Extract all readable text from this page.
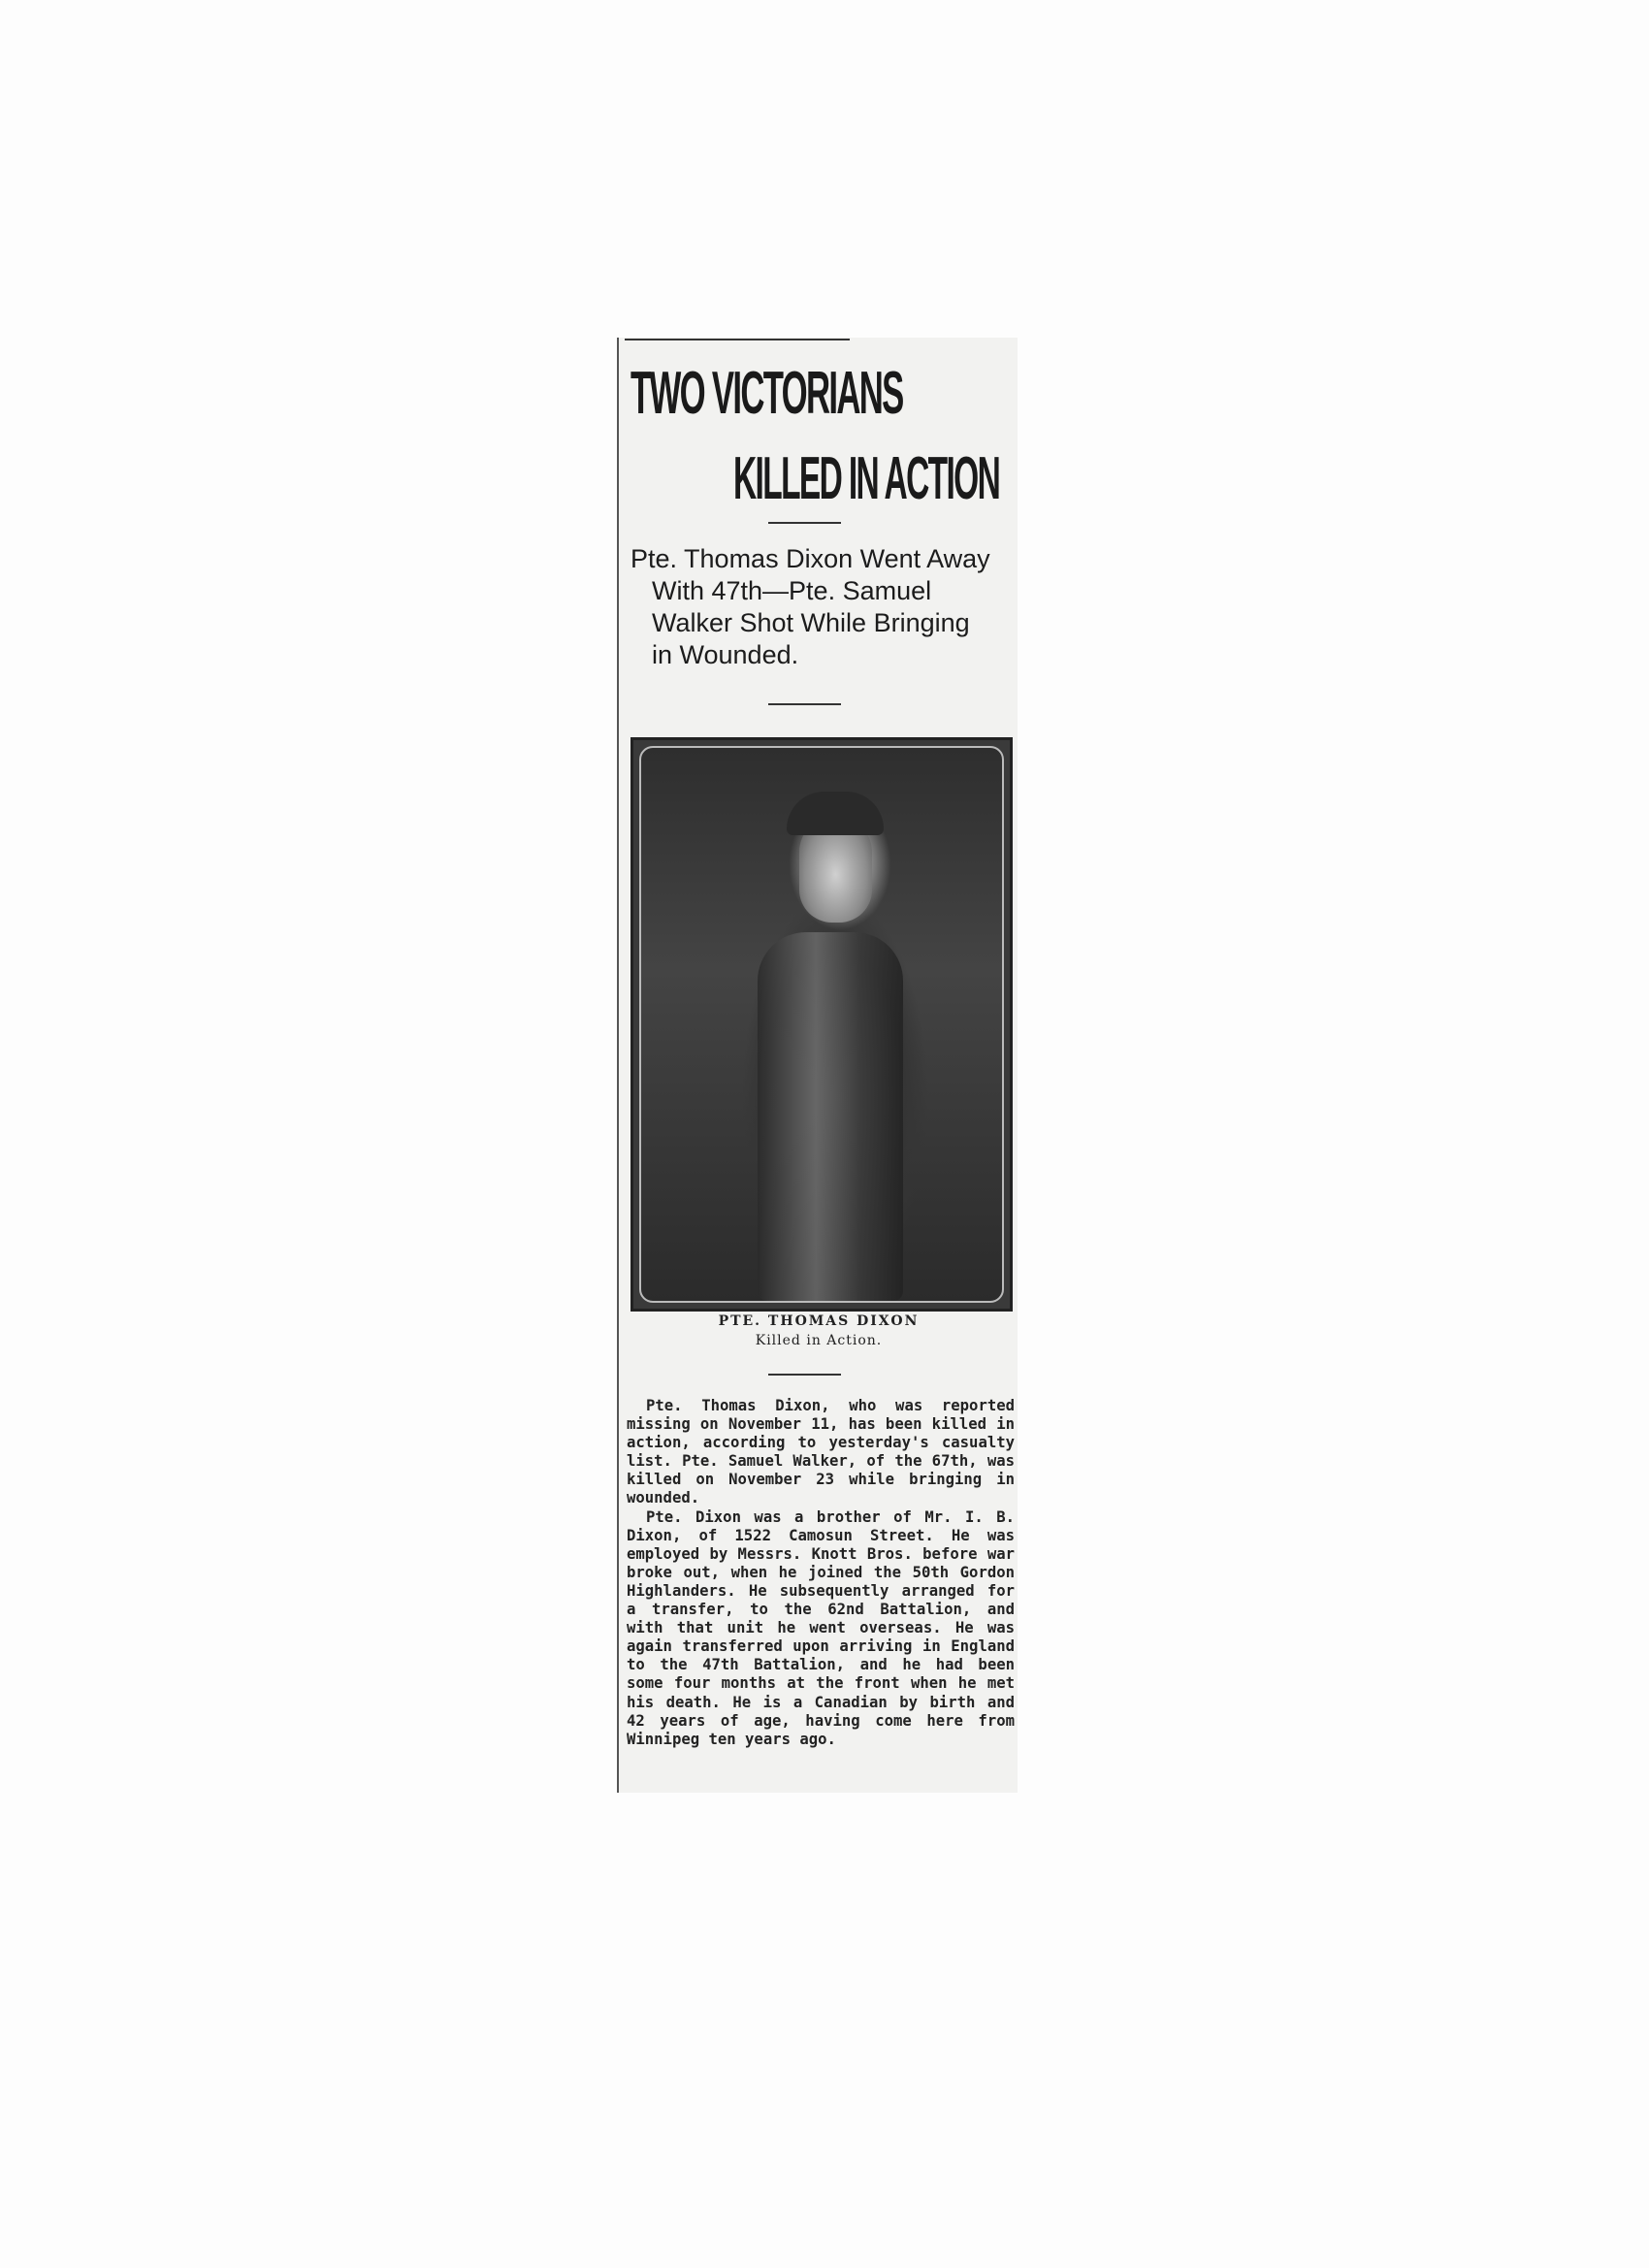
TWO VICTORIANS
KILLED IN ACTION
Pte. Thomas Dixon Went Away
With 47th—Pte. Samuel
Walker Shot While Bringing
in Wounded.
PTE. THOMAS DIXON
Killed in Action.

Pte. Thomas Dixon, who was reported missing on November 11, has been killed in action, according to yesterday's casualty list. Pte. Samuel Walker, of the 67th, was killed on November 23 while bringing in wounded.

Pte. Dixon was a brother of Mr. I. B. Dixon, of 1522 Camosun Street. He was employed by Messrs. Knott Bros. before war broke out, when he joined the 50th Gordon Highlanders. He subsequently arranged for a transfer, to the 62nd Battalion, and with that unit he went overseas. He was again transferred upon arriving in England to the 47th Battalion, and he had been some four months at the front when he met his death. He is a Canadian by birth and 42 years of age, having come here from Winnipeg ten years ago.
